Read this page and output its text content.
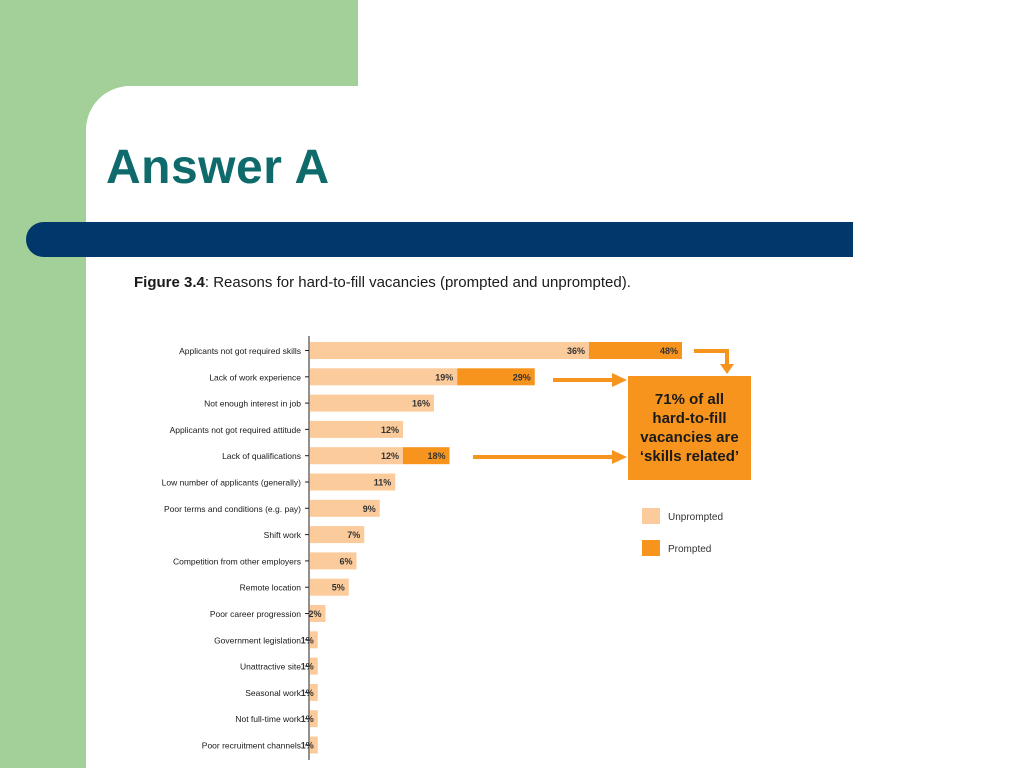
Answer A
Figure 3.4: Reasons for hard-to-fill vacancies (prompted and unprompted).
Applicants not got required skills	36%	48%
Lack of work experience	19%	29%
Not enough interest in job	16%
Applicants not got required attitude	12%
Lack of qualifications	12%	18%
Low number of applicants (generally)	11%
Poor terms and conditions (e.g. pay)	9%
Shift work	7%
Competition from other employers	6%
Remote location	5%
Poor career progression 2%
Government legislation 1%
Unattractive site 1%
Seasonal work 1%
Not full-time work 1%
Poor recruitment channels 1%
Unprompted
Prompted
71% of all
hard-to-fill
vacancies are
‘skills related’
